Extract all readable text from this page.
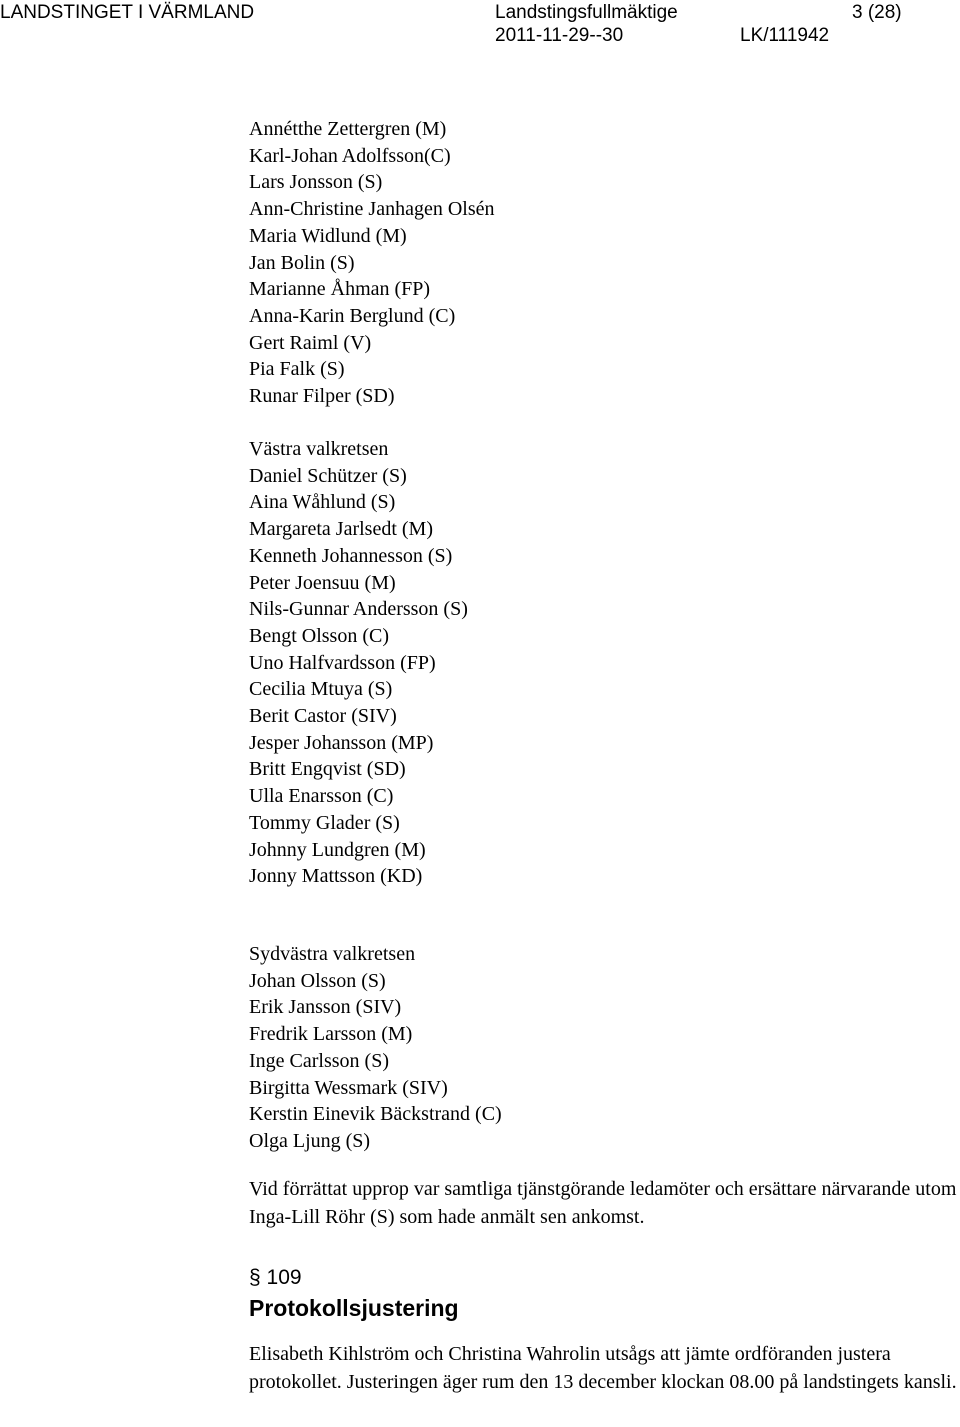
LANDSTINGET I VÄRMLAND	Landstingsfullmäktige	3 (28)
2011-11-29--30	LK/111942
Annétthe Zettergren (M)
Karl-Johan Adolfsson(C)
Lars Jonsson (S)
Ann-Christine Janhagen Olsén
Maria Widlund (M)
Jan Bolin (S)
Marianne Åhman (FP)
Anna-Karin Berglund (C)
Gert Raiml (V)
Pia Falk (S)
Runar Filper (SD)
Västra valkretsen
Daniel Schützer (S)
Aina Wåhlund (S)
Margareta Jarlsedt (M)
Kenneth Johannesson (S)
Peter Joensuu (M)
Nils-Gunnar Andersson (S)
Bengt Olsson (C)
Uno Halfvardsson (FP)
Cecilia Mtuya (S)
Berit Castor (SIV)
Jesper Johansson (MP)
Britt Engqvist (SD)
Ulla Enarsson (C)
Tommy Glader (S)
Johnny Lundgren (M)
Jonny Mattsson (KD)
Sydvästra valkretsen
Johan Olsson (S)
Erik Jansson (SIV)
Fredrik Larsson (M)
Inge Carlsson (S)
Birgitta Wessmark (SIV)
Kerstin Einevik Bäckstrand (C)
Olga Ljung (S)

Vid förrättat upprop var samtliga tjänstgörande ledamöter och ersättare närvarande utom Inga-Lill Röhr (S) som hade anmält sen ankomst.

§ 109
Protokollsjustering

Elisabeth Kihlström och Christina Wahrolin utsågs att jämte ordföranden justera protokollet. Justeringen äger rum den 13 december klockan 08.00 på landstingets kansli.
